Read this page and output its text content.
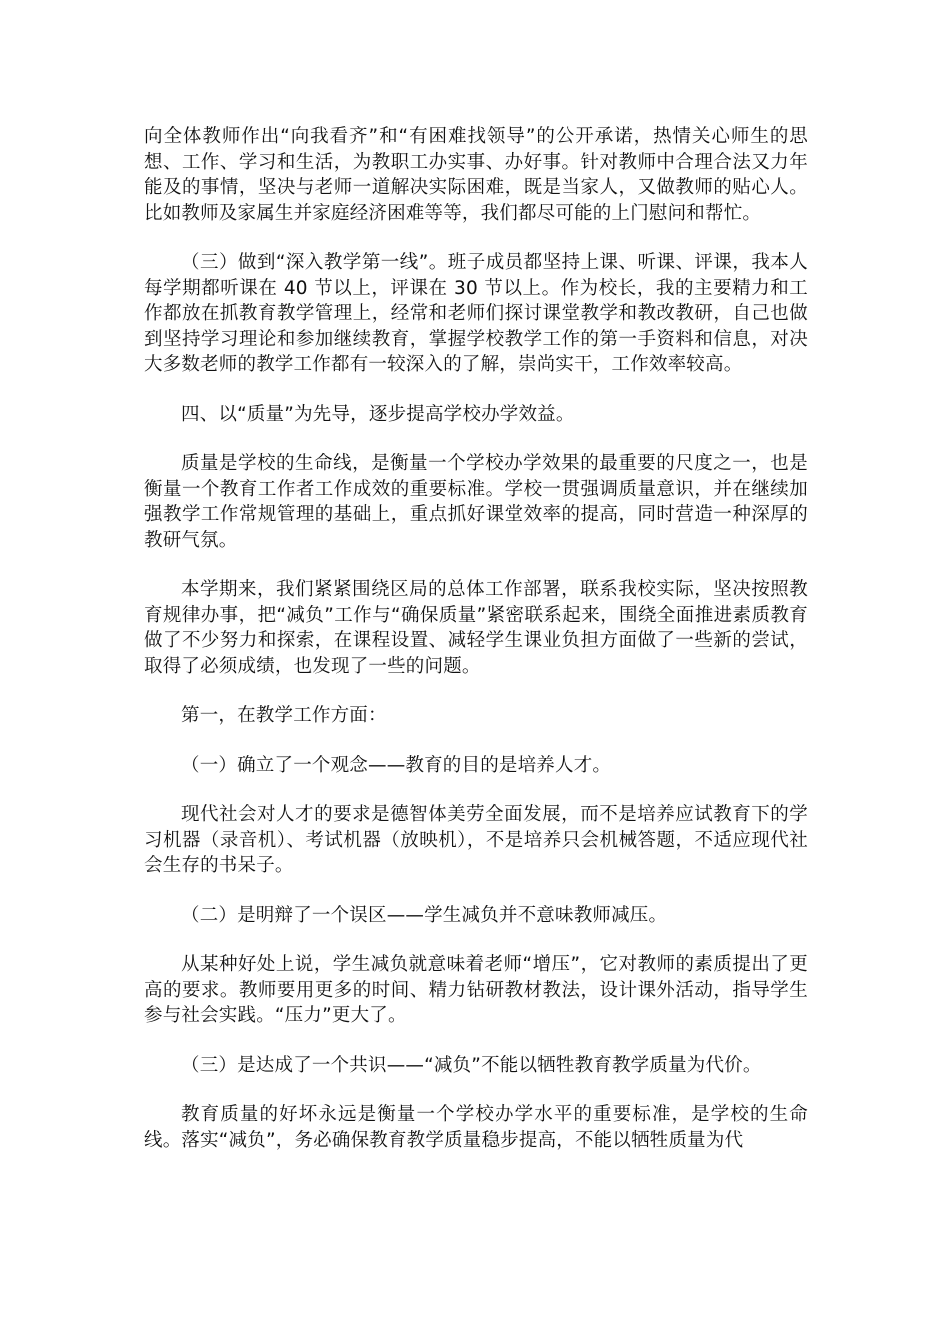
向全体教师作出“向我看齐”和“有困难找领导”的公开承诺，热情关心师生的思想、工作、学习和生活，为教职工办实事、办好事。针对教师中合理合法又力年能及的事情，坚决与老师一道解决实际困难，既是当家人，又做教师的贴心人。比如教师及家属生并家庭经济困难等等，我们都尽可能的上门慰问和帮忙。

（三）做到“深入教学第一线”。班子成员都坚持上课、听课、评课，我本人每学期都听课在 40 节以上，评课在 30 节以上。作为校长，我的主要精力和工作都放在抓教育教学管理上，经常和老师们探讨课堂教学和教改教研，自己也做到坚持学习理论和参加继续教育，掌握学校教学工作的第一手资料和信息，对决大多数老师的教学工作都有一较深入的了解，崇尚实干，工作效率较高。

四、以“质量”为先导，逐步提高学校办学效益。

质量是学校的生命线，是衡量一个学校办学效果的最重要的尺度之一，也是衡量一个教育工作者工作成效的重要标准。学校一贯强调质量意识，并在继续加强教学工作常规管理的基础上，重点抓好课堂效率的提高，同时营造一种深厚的教研气氛。

本学期来，我们紧紧围绕区局的总体工作部署，联系我校实际，坚决按照教育规律办事，把“减负”工作与“确保质量”紧密联系起来，围绕全面推进素质教育做了不少努力和探索，在课程设置、减轻学生课业负担方面做了一些新的尝试，取得了必须成绩，也发现了一些的问题。

第一，在教学工作方面：

（一）确立了一个观念——教育的目的是培养人才。

现代社会对人才的要求是德智体美劳全面发展，而不是培养应试教育下的学习机器（录音机）、考试机器（放映机），不是培养只会机械答题，不适应现代社会生存的书呆子。

（二）是明辩了一个误区——学生减负并不意味教师减压。

从某种好处上说，学生减负就意味着老师“增压”，它对教师的素质提出了更高的要求。教师要用更多的时间、精力钻研教材教法，设计课外活动，指导学生参与社会实践。“压力”更大了。

（三）是达成了一个共识——“减负”不能以牺牲教育教学质量为代价。

教育质量的好坏永远是衡量一个学校办学水平的重要标准，是学校的生命线。落实“减负”，务必确保教育教学质量稳步提高，不能以牺牲质量为代
